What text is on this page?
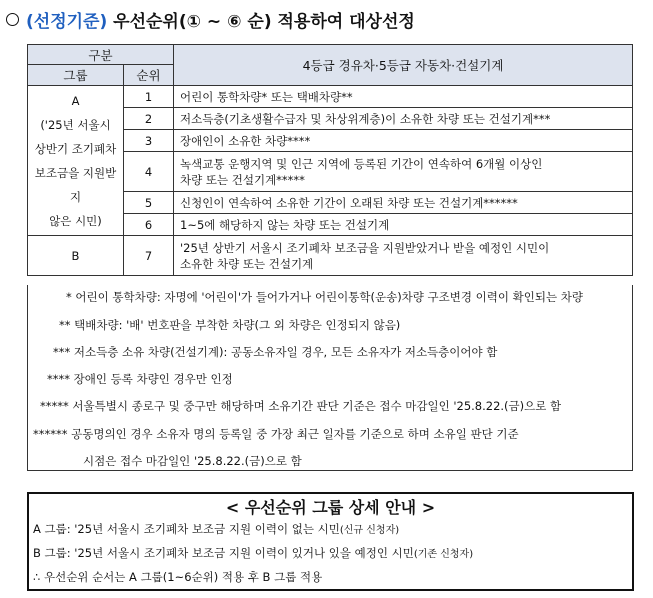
(선정기준) 우선순위(① ~ ⑥ 순) 적용하여 대상선정
구분		4등급 경유차·5등급 자동차·건설기계
그룹	순위	

A
('25년 서울시
상반기 조기폐차
보조금을 지원받지
않은 시민)	1	어린이 통학차량* 또는 택배차량**
	2	저소득층(기초생활수급자 및 차상위계층)이 소유한 차량 또는 건설기계***
	3	장애인이 소유한 차량****
	4	녹색교통 운행지역 및 인근 지역에 등록된 기간이 연속하여 6개월 이상인
차량 또는 건설기계*****

	5	신청인이 연속하여 소유한 기간이 오래된 차량 또는 건설기계******
	6	1~5에 해당하지 않는 차량 또는 건설기계

B	7	'25년 상반기 서울시 조기폐차 보조금을 지원받았거나 받을 예정인 시민이
소유한 차량 또는 건설기계
* 어린이 통학차량: 자명에 '어린이'가 들어가거나 어린이통학(운송)차량 구조변경 이력이 확인되는 차량
** 택배차량: '배' 번호판을 부착한 차량(그 외 차량은 인정되지 않음)
*** 저소득층 소유 차량(건설기계): 공동소유자일 경우, 모든 소유자가 저소득층이어야 함
**** 장애인 등록 차량인 경우만 인정
***** 서울특별시 종로구 및 중구만 해당하며 소유기간 판단 기준은 접수 마감일인 '25.8.22.(금)으로 함
****** 공동명의인 경우 소유자 명의 등록일 중 가장 최근 일자를 기준으로 하며 소유일 판단 기준
시점은 접수 마감일인 '25.8.22.(금)으로 함
< 우선순위 그룹 상세 안내 >
A 그룹: '25년 서울시 조기폐차 보조금 지원 이력이 없는 시민(신규 신청자)
B 그룹: '25년 서울시 조기폐차 보조금 지원 이력이 있거나 있을 예정인 시민(기존 신청자)
∴ 우선순위 순서는 A 그룹(1~6순위) 적용 후 B 그룹 적용
